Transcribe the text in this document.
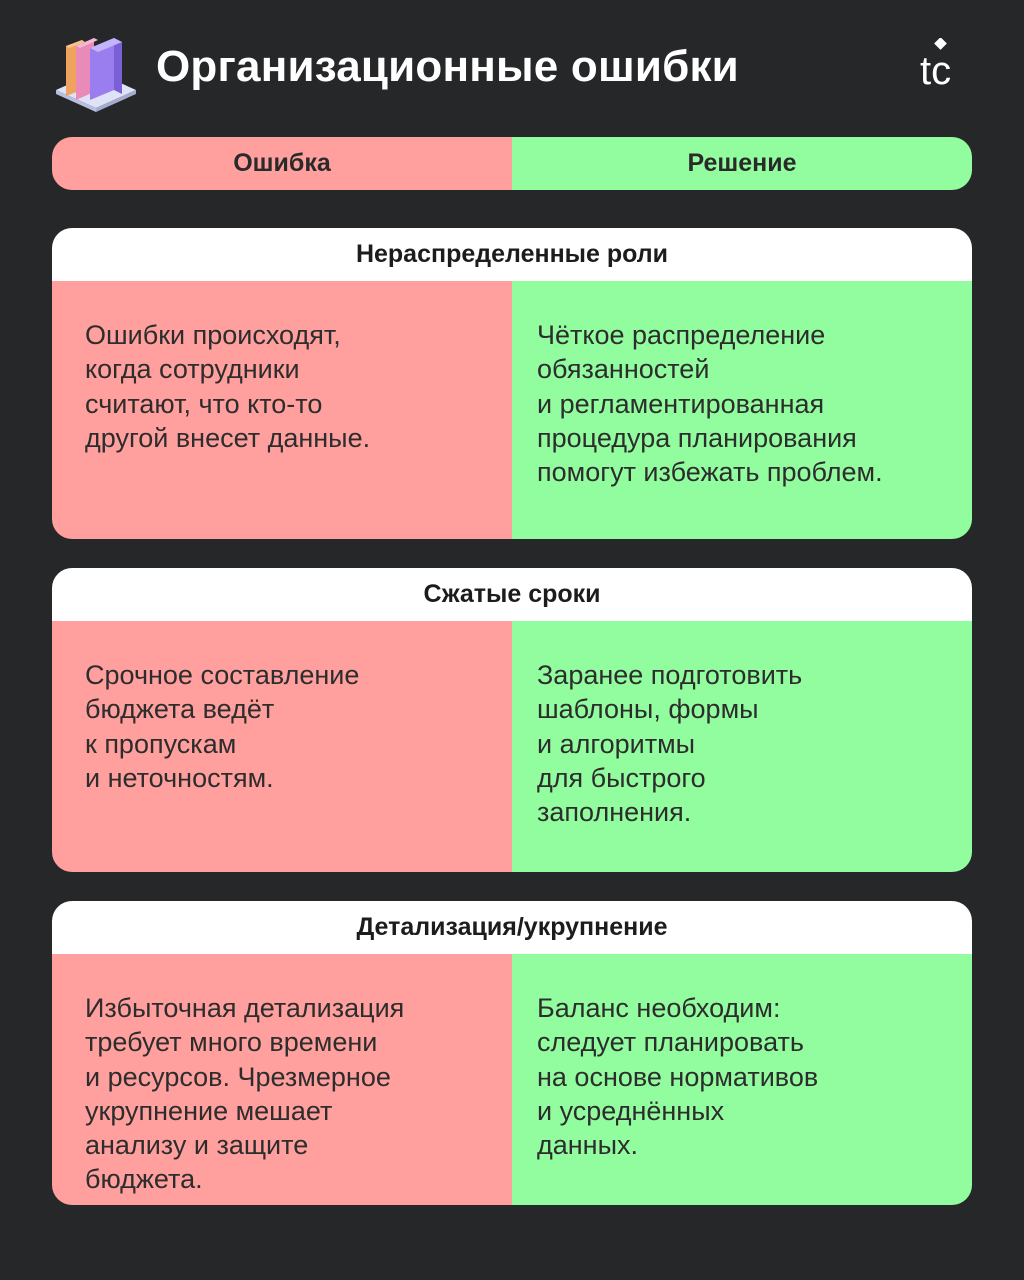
Организационные ошибки	tc
Ошибка	Решение
Нераспределенные роли
Ошибки происходят,
когда сотрудники
считают, что кто-то
другой внесет данные.
Чёткое распределение
обязанностей
и регламентированная
процедура планирования
помогут избежать проблем.
Сжатые сроки
Срочное составление
бюджета ведёт
к пропускам
и неточностям.
Заранее подготовить
шаблоны, формы
и алгоритмы
для быстрого
заполнения.
Детализация/укрупнение
Избыточная детализация
требует много времени
и ресурсов. Чрезмерное
укрупнение мешает
анализу и защите
бюджета.
Баланс необходим:
следует планировать
на основе нормативов
и усреднённых
данных.
